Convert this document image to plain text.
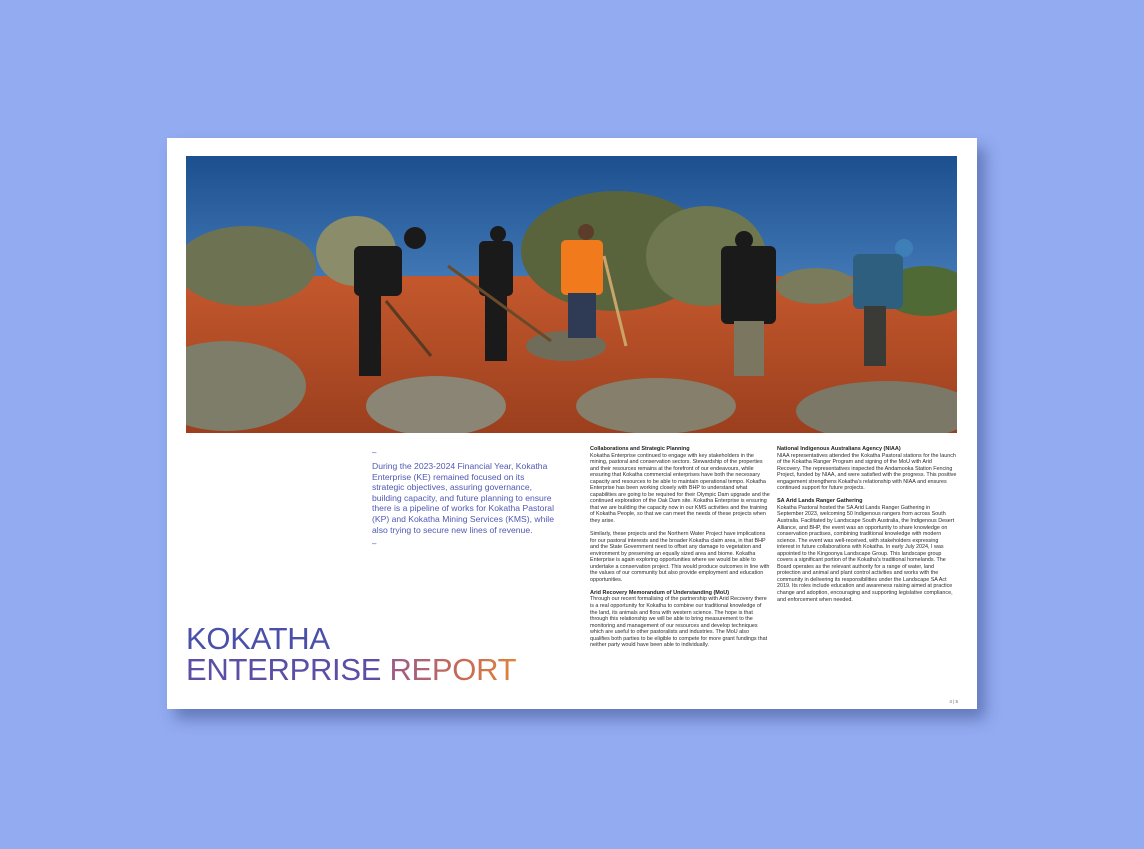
–

During the 2023-2024 Financial Year, Kokatha Enterprise (KE) remained focused on its strategic objectives, assuring governance, building capacity, and future planning to ensure there is a pipeline of works for Kokatha Pastoral (KP) and Kokatha Mining Services (KMS), while also trying to secure new lines of revenue.

–
KOKATHA
ENTERPRISE REPORT
Collaborations and Strategic Planning

Kokatha Enterprise continued to engage with key stakeholders in the mining, pastoral and conservation sectors. Stewardship of the properties and their resources remains at the forefront of our endeavours, while ensuring that Kokatha commercial enterprises have both the necessary capacity and resources to be able to maintain operational tempo. Kokatha Enterprise has been working closely with BHP to understand what capabilities are going to be required for their Olympic Dam upgrade and the continued exploration of the Oak Dam site. Kokatha Enterprise is ensuring that we are building the capacity now in our KMS activities and the training of Kokatha People, so that we can meet the needs of these projects when they arise.

Similarly, these projects and the Northern Water Project have implications for our pastoral interests and the broader Kokatha claim area, in that BHP and the State Government need to offset any damage to vegetation and environment by preserving an equally sized area and biome. Kokatha Enterprise is again exploring opportunities where we would be able to undertake a conservation project. This would produce outcomes in line with the values of our community but also provide employment and education opportunities.

Arid Recovery Memorandum of Understanding (MoU)

Through our recent formalising of the partnership with Arid Recovery there is a real opportunity for Kokatha to combine our traditional knowledge of the land, its animals and flora with western science. The hope is that through this relationship we will be able to bring measurement to the monitoring and management of our resources and develop techniques which are useful to other pastoralists and industries. The MoU also qualifies both parties to be eligible to compete for more grant fundings that neither party would have been able to individually.

National Indigenous Australians Agency (NIAA)

NIAA representatives attended the Kokatha Pastoral stations for the launch of the Kokatha Ranger Program and signing of the MoU with Arid Recovery. The representatives inspected the Andamooka Station Fencing Project, funded by NIAA, and were satisfied with the progress. This positive engagement strengthens Kokatha's relationship with NIAA and ensures continued support for future projects.

SA Arid Lands Ranger Gathering

Kokatha Pastoral hosted the SA Arid Lands Ranger Gathering in September 2023, welcoming 50 Indigenous rangers from across South Australia. Facilitated by Landscape South Australia, the Indigenous Desert Alliance, and BHP, the event was an opportunity to share knowledge on conservation practises, combining traditional knowledge with modern science. The event was well-received, with stakeholders expressing interest in future collaborations with Kokatha. In early July 2024, I was appointed to the Kingoonya Landscape Group. This landscape group covers a significant portion of the Kokatha's traditional homelands. The Board operates as the relevant authority for a range of water, land protection and animal and plant control activities and works with the community in delivering its responsibilities under the Landscape SA Act 2019. Its roles include education and awareness raising aimed at practice change and adoption, encouraging and supporting legislative compliance, and enforcement when needed.

4 | 5
